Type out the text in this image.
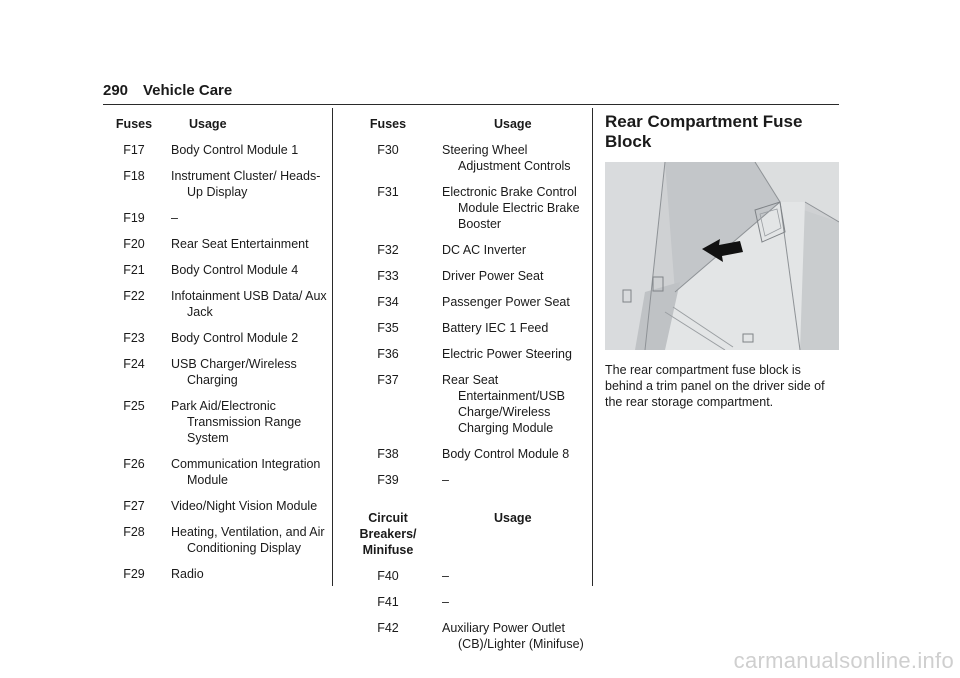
290 Vehicle Care
Fuses	Usage
F17	Body Control Module 1

F18	Instrument Cluster/ Heads-Up Display

F19	–

F20	Rear Seat Entertainment

F21	Body Control Module 4

F22	Infotainment USB Data/ Aux Jack

F23	Body Control Module 2

F24	USB Charger/Wireless Charging

F25	Park Aid/Electronic Transmission Range System

F26	Communication Integration Module

F27	Video/Night Vision Module

F28	Heating, Ventilation, and Air Conditioning Display

F29	Radio
Fuses	Usage
F30	Steering Wheel Adjustment Controls

F31	Electronic Brake Control Module Electric Brake Booster

F32	DC AC Inverter

F33	Driver Power Seat

F34	Passenger Power Seat

F35	Battery IEC 1 Feed

F36	Electric Power Steering

F37	Rear Seat Entertainment/USB Charge/Wireless Charging Module

F38	Body Control Module 8

F39	–

Circuit Breakers/ Minifuse	Usage
F40	–

F41	–

F42	Auxiliary Power Outlet (CB)/Lighter (Minifuse)
Rear Compartment Fuse Block

The rear compartment fuse block is behind a trim panel on the driver side of the rear storage compartment.

carmanualsonline.info
